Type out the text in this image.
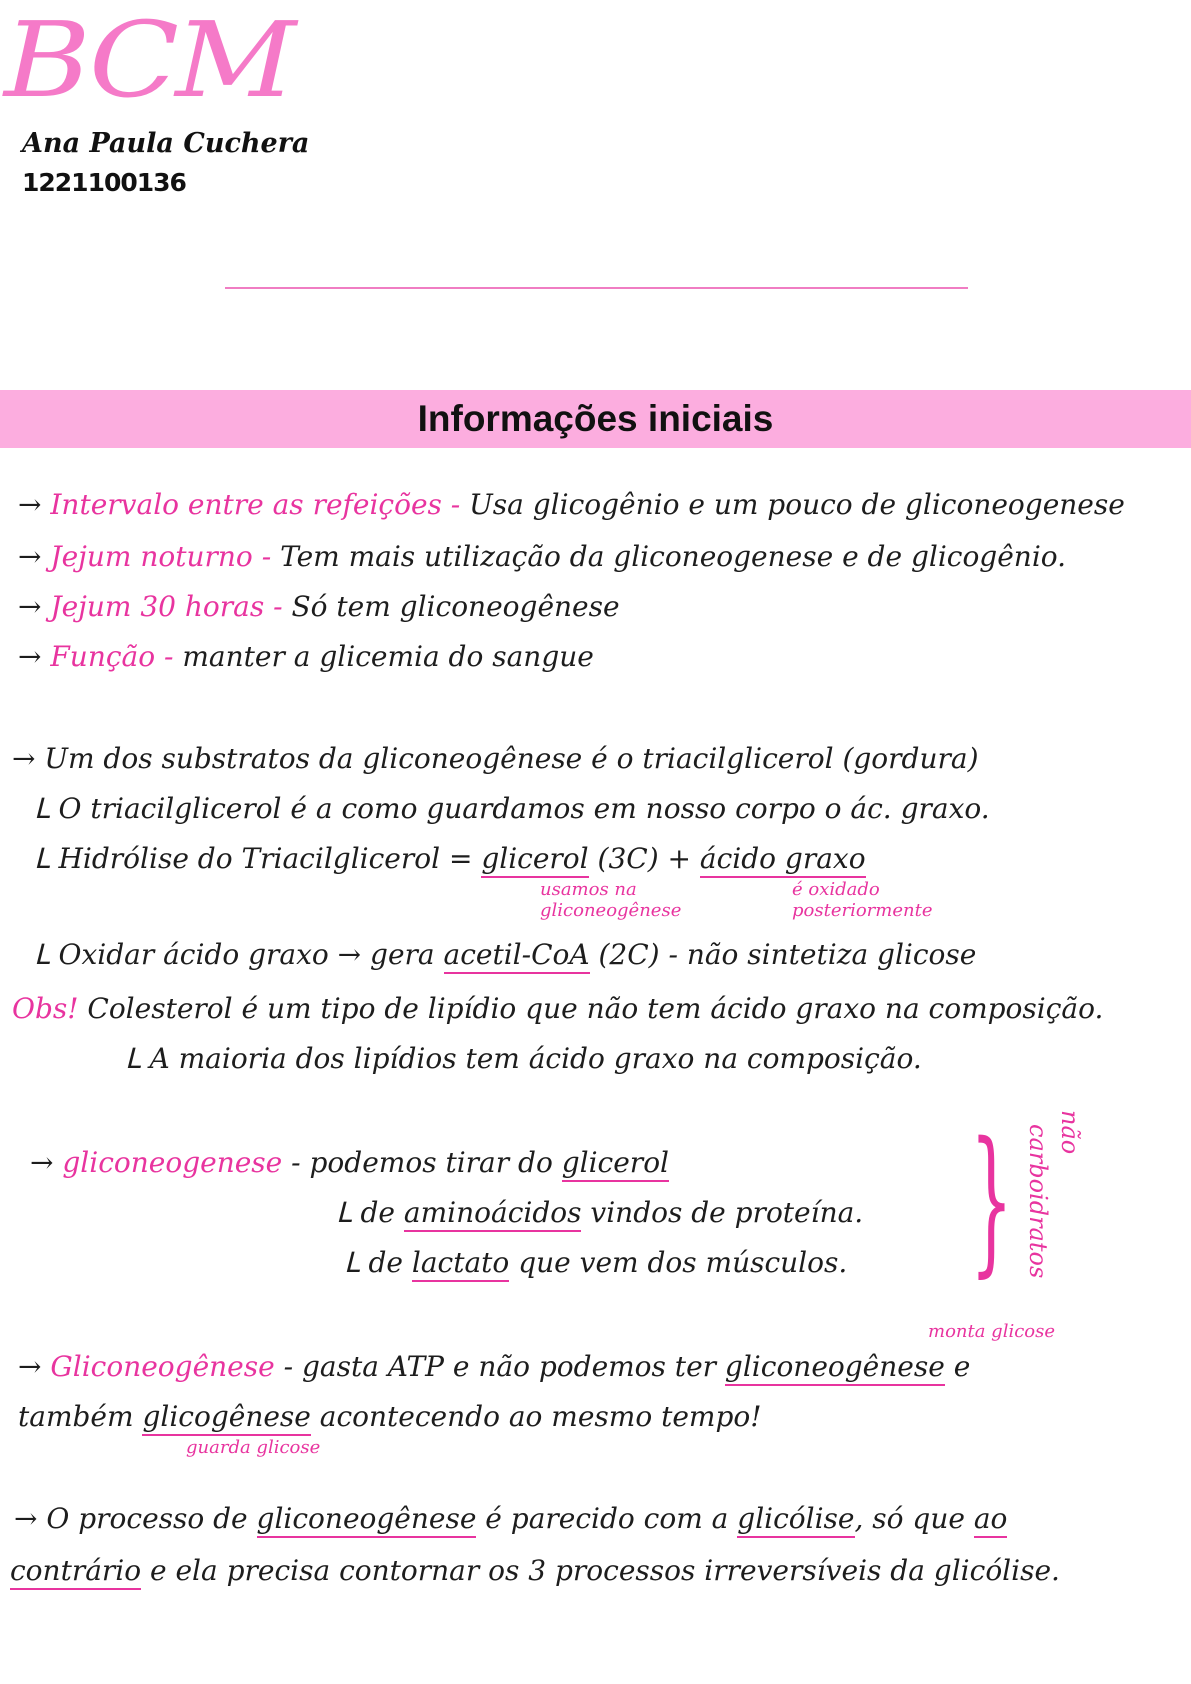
BCM
Ana Paula Cuchera
1221100136
Informações iniciais
→ Intervalo entre as refeições - Usa glicogênio e um pouco de gliconeogenese
→ Jejum noturno - Tem mais utilização da gliconeogenese e de glicogênio.
→ Jejum 30 horas - Só tem gliconeogênese
→ Função - manter a glicemia do sangue
→ Um dos substratos da gliconeogênese é o triacilglicerol (gordura)
ᒪ O triacilglicerol é a como guardamos em nosso corpo o ác. graxo.
ᒪ Hidrólise do Triacilglicerol = glicerol (3C) + ácido graxo
usamos na
gliconeogênese
é oxidado
posteriormente
ᒪ Oxidar ácido graxo → gera acetil-CoA (2C) - não sintetiza glicose
Obs! Colesterol é um tipo de lipídio que não tem ácido graxo na composição.
ᒪ A maioria dos lipídios tem ácido graxo na composição.
→ gliconeogenese - podemos tirar do glicerol
ᒪ de aminoácidos vindos de proteína.
ᒪ de lactato que vem dos músculos. } não
carboidratos
monta glicose
→ Gliconeogênese - gasta ATP e não podemos ter gliconeogênese e
também glicogênese acontecendo ao mesmo tempo!
guarda glicose
→ O processo de gliconeogênese é parecido com a glicólise, só que ao
contrário e ela precisa contornar os 3 processos irreversíveis da glicólise.
